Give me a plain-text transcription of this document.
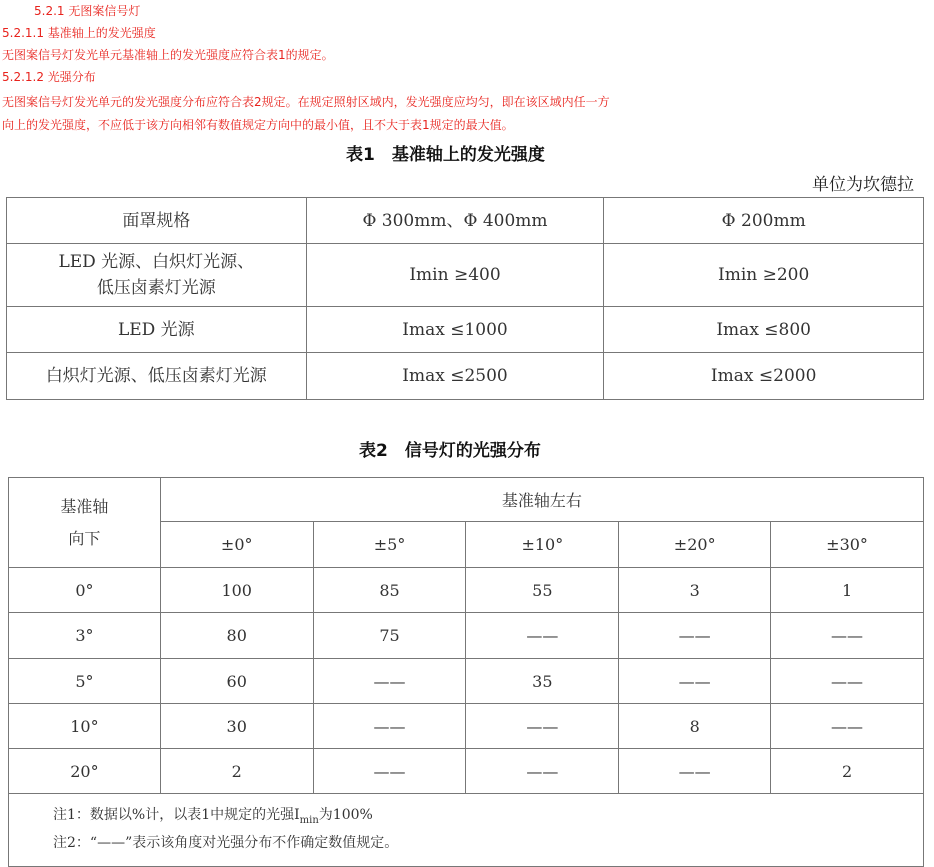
5.2.1 无图案信号灯
5.2.1.1 基准轴上的发光强度
无图案信号灯发光单元基准轴上的发光强度应符合表1的规定。
5.2.1.2 光强分布
无图案信号灯发光单元的发光强度分布应符合表2规定。在规定照射区域内，发光强度应均匀，即在该区域内任一方
向上的发光强度，不应低于该方向相邻有数值规定方向中的最小值，且不大于表1规定的最大值。
表1　基准轴上的发光强度
单位为坎德拉
面罩规格	Φ 300mm、Φ 400mm	Φ 200mm

LED 光源、白炽灯光源、
低压卤素灯光源	Imin ≥400	Imin ≥200
LED 光源	Imax ≤1000	Imax ≤800
白炽灯光源、低压卤素灯光源	Imax ≤2500	Imax ≤2000
表2　信号灯的光强分布
基准轴
向下	基准轴左右				
	±0°	±5°	±10°	±20°	±30°
0°	100	85	55	3	1
3°	80	75	——	——	——
5°	60	——	35	——	——
10°	30	——	——	8	——
20°	2	——	——	——	2

注1：数据以%计，以表1中规定的光强$I_{min}$为100%
注2：“——”表示该角度对光强分布不作确定数值规定。					
